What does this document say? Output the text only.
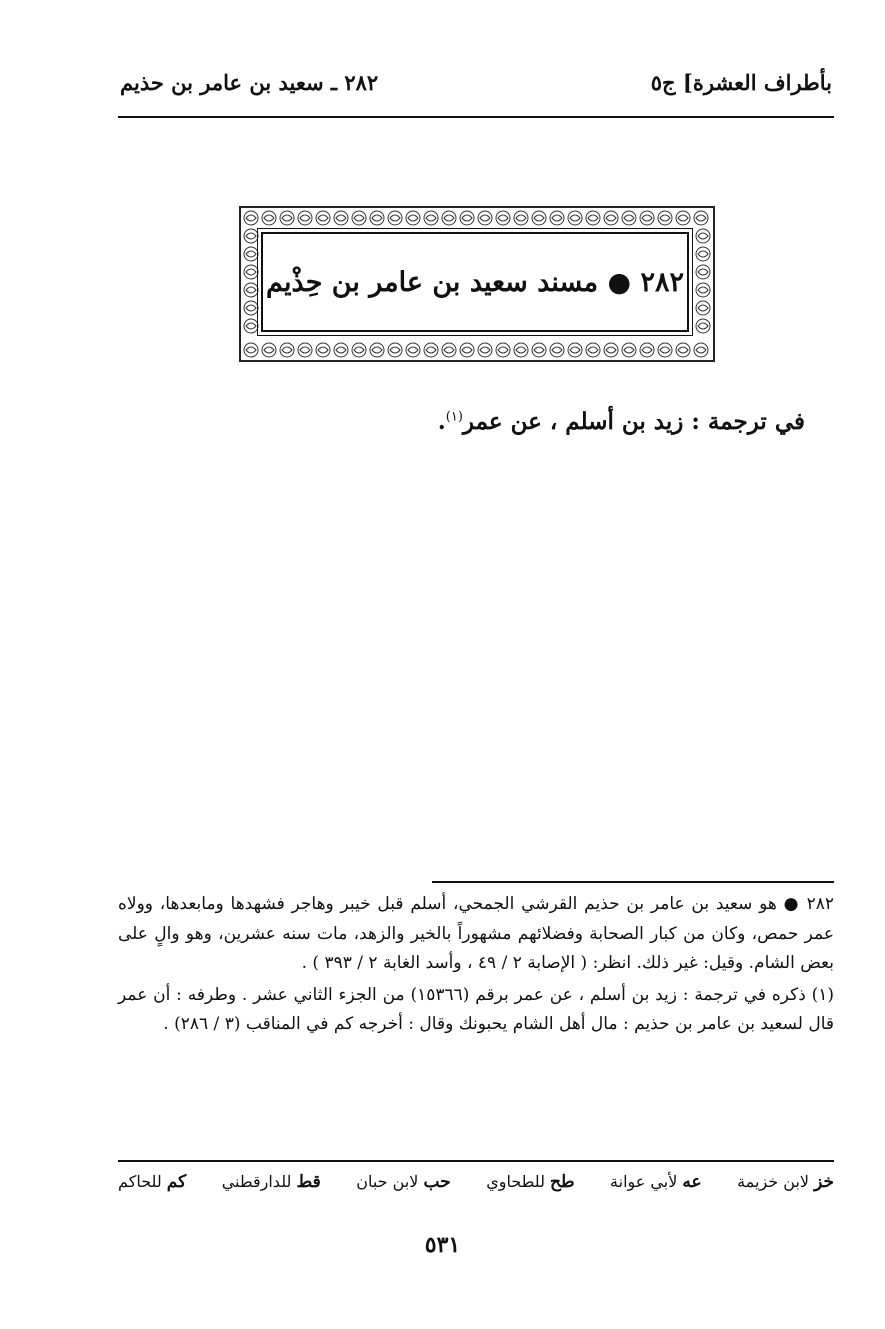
بأطراف العشرة] ج٥
٢٨٢ ـ سعيد بن عامر بن حذيم
٢٨٢ ● مسند سعيد بن عامر بن حِذْيم
في ترجمة : زيد بن أسلم ، عن عمر$^{(١)}$.

٢٨٢ ● هو سعيد بن عامر بن حذيم القرشي الجمحي، أسلم قبل خيبر وهاجر فشهدها ومابعدها، وولاه عمر حمص، وكان من كبار الصحابة وفضلائهم مشهوراً بالخير والزهد، مات سنه عشرين، وهو والٍ على بعض الشام. وقيل: غير ذلك. انظر: ( الإصابة ٢ / ٤٩ ، وأسد الغابة ٢ / ٣٩٣ ) .

(١) ذكره في ترجمة : زيد بن أسلم ، عن عمر برقم (١٥٣٦٦) من الجزء الثاني عشر . وطرفه : أن عمر قال لسعيد بن عامر بن حذيم : مال أهل الشام يحبونك وقال : أخرجه كم في المناقب (٣ / ٢٨٦) .

خز لابن خزيمة
عه لأبي عوانة
طح للطحاوي
حب لابن حبان
قط للدارقطني
كم للحاكم
٥٣١
